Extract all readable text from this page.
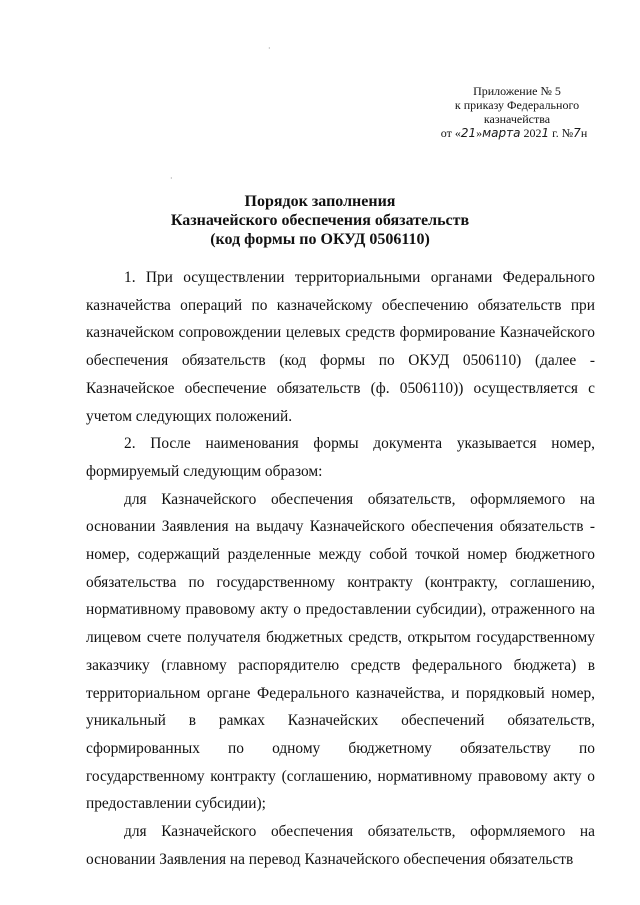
Приложение № 5
к приказу Федерального
казначейства
от «21»марта 2021 г. №7н
·
·
Порядок заполнения
Казначейского обеспечения обязательств
(код формы по ОКУД 0506110)

1. При осуществлении территориальными органами Федерального казначейства операций по казначейскому обеспечению обязательств при казначейском сопровождении целевых средств формирование Казначейского обеспечения обязательств (код формы по ОКУД 0506110) (далее - Казначейское обеспечение обязательств (ф. 0506110)) осуществляется с учетом следующих положений.

2. После наименования формы документа указывается номер, формируемый следующим образом:

для Казначейского обеспечения обязательств, оформляемого на основании Заявления на выдачу Казначейского обеспечения обязательств - номер, содержащий разделенные между собой точкой номер бюджетного обязательства по государственному контракту (контракту, соглашению, нормативному правовому акту о предоставлении субсидии), отраженного на лицевом счете получателя бюджетных средств, открытом государственному заказчику (главному распорядителю средств федерального бюджета) в территориальном органе Федерального казначейства, и порядковый номер, уникальный в рамках Казначейских обеспечений обязательств, сформированных по одному бюджетному обязательству по государственному контракту (соглашению, нормативному правовому акту о предоставлении субсидии);

для Казначейского обеспечения обязательств, оформляемого на основании Заявления на перевод Казначейского обеспечения обязательств
